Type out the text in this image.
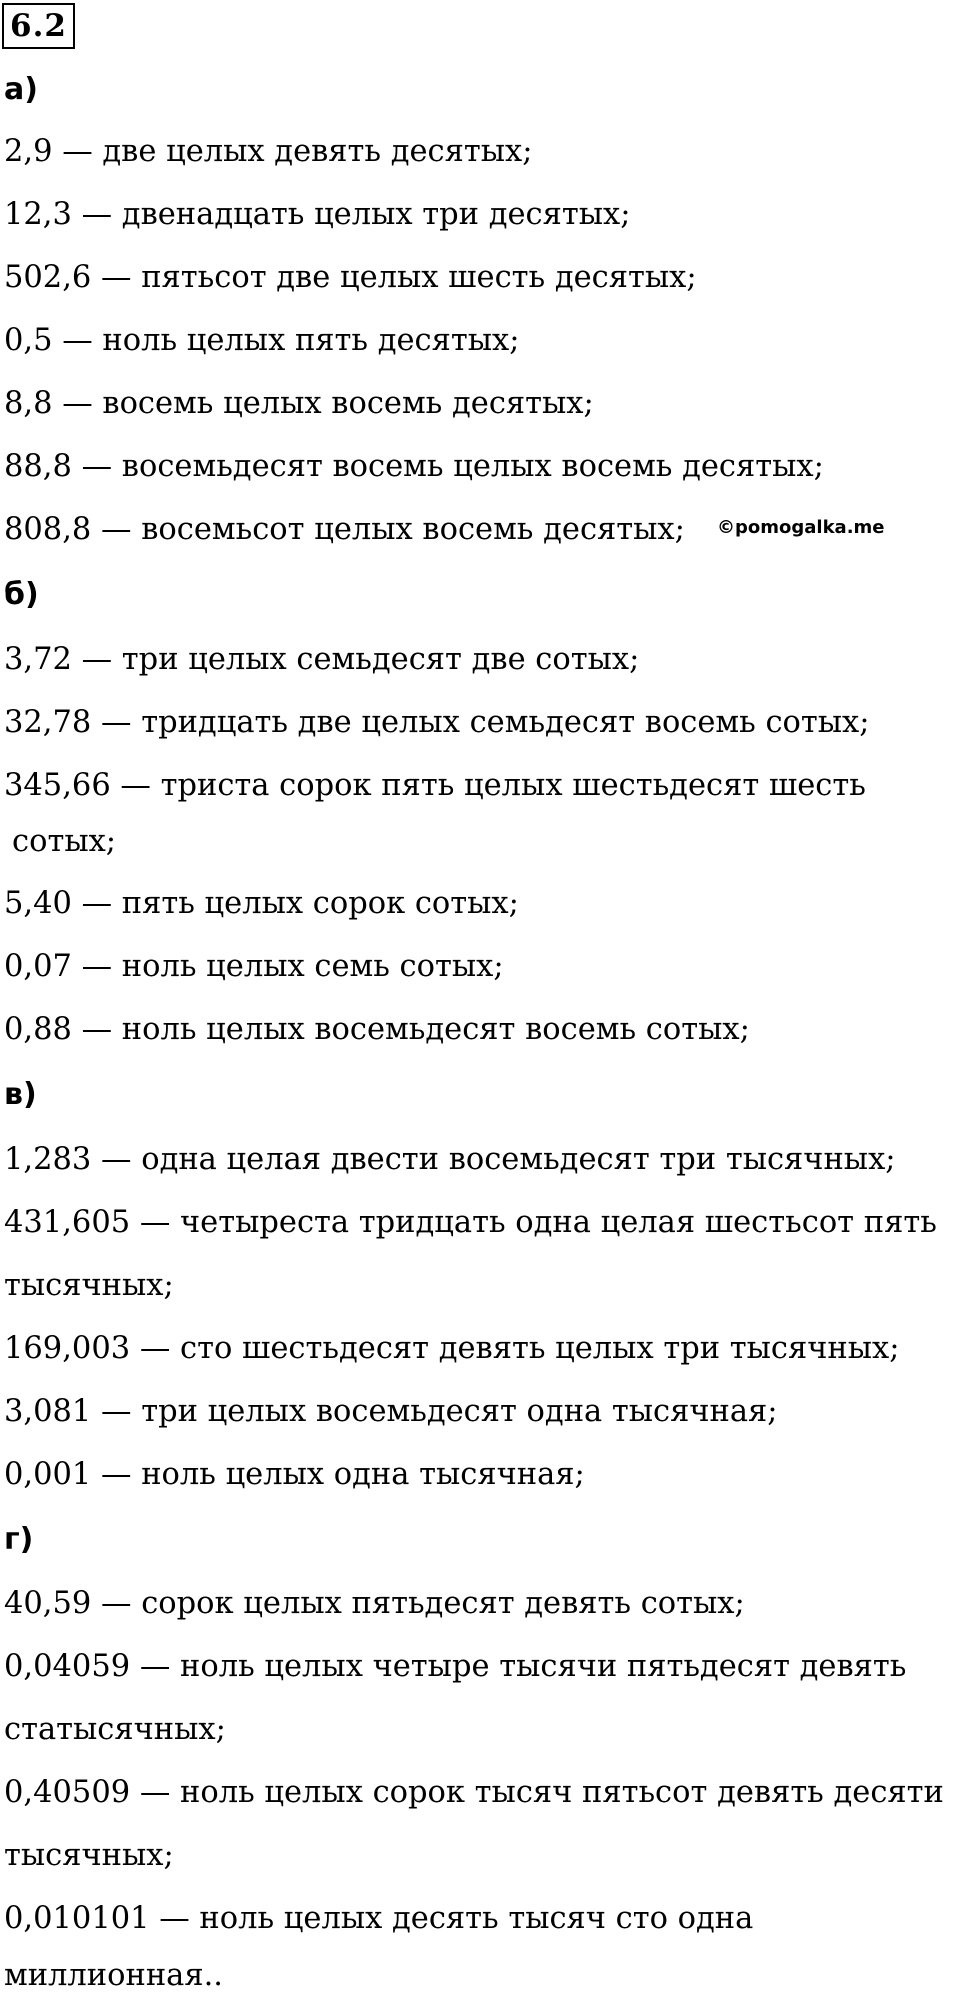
6.2
а)
2,9 — две целых девять десятых;
12,3 — двенадцать целых три десятых;
502,6 — пятьсот две целых шесть десятых;
0,5 — ноль целых пять десятых;
8,8 — восемь целых восемь десятых;
88,8 — восемьдесят восемь целых восемь десятых;
808,8 — восемьсот целых восемь десятых; ©pomogalka.me
б)
3,72 — три целых семьдесят две сотых;
32,78 — тридцать две целых семьдесят восемь сотых;
345,66 — триста сорок пять целых шестьдесят шесть
сотых;
5,40 — пять целых сорок сотых;
0,07 — ноль целых семь сотых;
0,88 — ноль целых восемьдесят восемь сотых;
в)
1,283 — одна целая двести восемьдесят три тысячных;
431,605 — четыреста тридцать одна целая шестьсот пять
тысячных;
169,003 — сто шестьдесят девять целых три тысячных;
3,081 — три целых восемьдесят одна тысячная;
0,001 — ноль целых одна тысячная;
г)
40,59 — сорок целых пятьдесят девять сотых;
0,04059 — ноль целых четыре тысячи пятьдесят девять
статысячных;
0,40509 — ноль целых сорок тысяч пятьсот девять десяти
тысячных;
0,010101 — ноль целых десять тысяч сто одна
миллионная..
